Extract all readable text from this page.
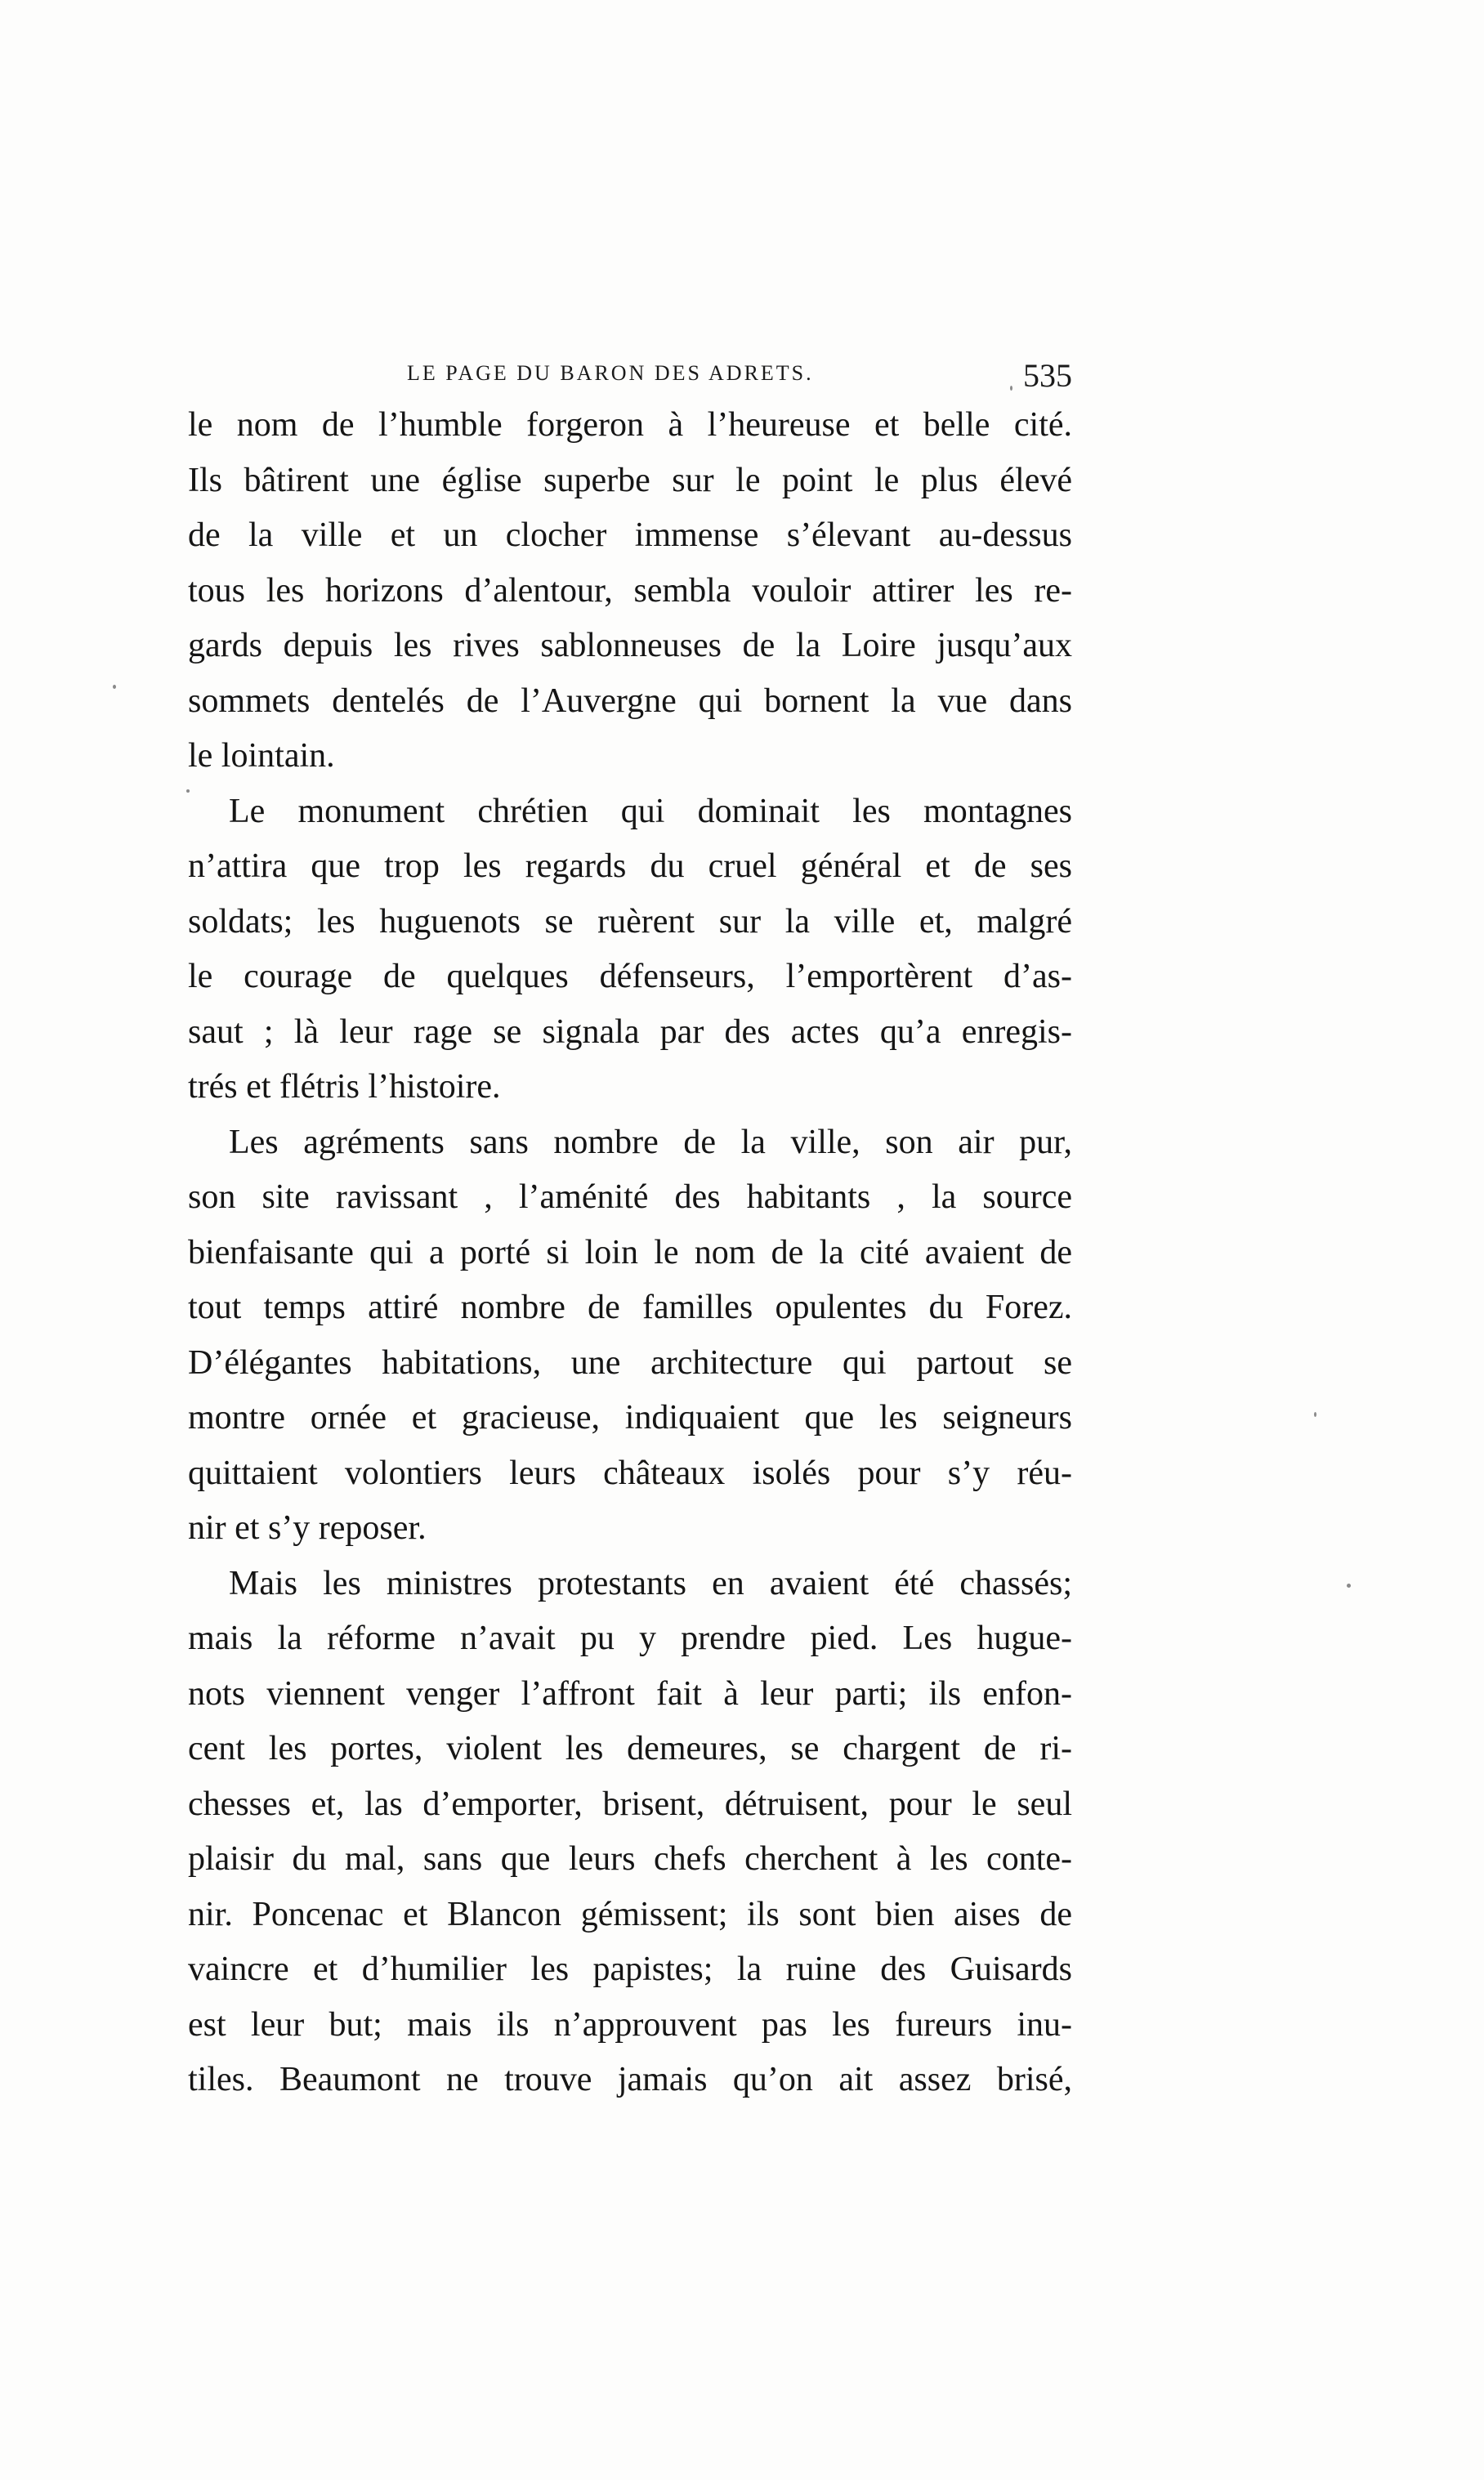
LE PAGE DU BARON DES ADRETS.	535
le nom de l’humble forgeron à l’heureuse et belle cité.
Ils bâtirent une église superbe sur le point le plus élevé
de la ville et un clocher immense s’élevant au-dessus
tous les horizons d’alentour, sembla vouloir attirer les re-
gards depuis les rives sablonneuses de la Loire jusqu’aux
sommets dentelés de l’Auvergne qui bornent la vue dans
le lointain.
Le monument chrétien qui dominait les montagnes
n’attira que trop les regards du cruel général et de ses
soldats; les huguenots se ruèrent sur la ville et, malgré
le courage de quelques défenseurs, l’emportèrent d’as-
saut ; là leur rage se signala par des actes qu’a enregis-
trés et flétris l’histoire.
Les agréments sans nombre de la ville, son air pur,
son site ravissant , l’aménité des habitants , la source
bienfaisante qui a porté si loin le nom de la cité avaient de
tout temps attiré nombre de familles opulentes du Forez.
D’élégantes habitations, une architecture qui partout se
montre ornée et gracieuse, indiquaient que les seigneurs
quittaient volontiers leurs châteaux isolés pour s’y réu-
nir et s’y reposer.
Mais les ministres protestants en avaient été chassés;
mais la réforme n’avait pu y prendre pied. Les hugue-
nots viennent venger l’affront fait à leur parti; ils enfon-
cent les portes, violent les demeures, se chargent de ri-
chesses et, las d’emporter, brisent, détruisent, pour le seul
plaisir du mal, sans que leurs chefs cherchent à les conte-
nir. Poncenac et Blancon gémissent; ils sont bien aises de
vaincre et d’humilier les papistes; la ruine des Guisards
est leur but; mais ils n’approuvent pas les fureurs inu-
tiles. Beaumont ne trouve jamais qu’on ait assez brisé,
